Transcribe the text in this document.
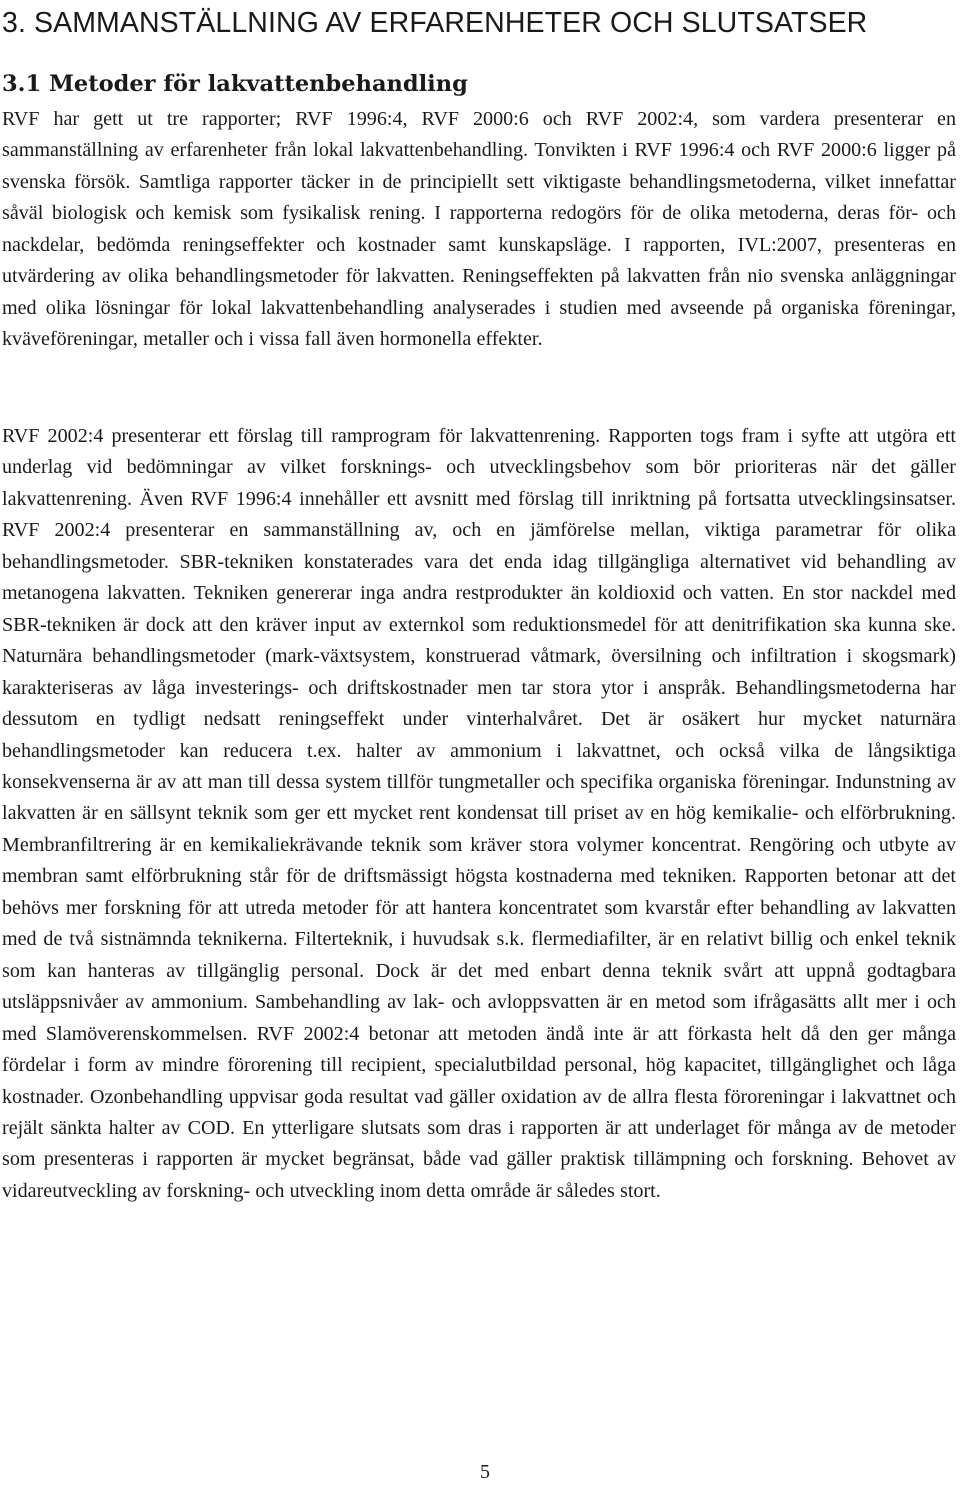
3. SAMMANSTÄLLNING AV ERFARENHETER OCH SLUTSATSER
3.1 Metoder för lakvattenbehandling

RVF har gett ut tre rapporter; RVF 1996:4, RVF 2000:6 och RVF 2002:4, som vardera presenterar en sammanställning av erfarenheter från lokal lakvattenbehandling. Tonvikten i RVF 1996:4 och RVF 2000:6 ligger på svenska försök. Samtliga rapporter täcker in de principiellt sett viktigaste behandlingsmetoderna, vilket innefattar såväl biologisk och kemisk som fysikalisk rening. I rapporterna redogörs för de olika metoderna, deras för- och nackdelar, bedömda reningseffekter och kostnader samt kunskapsläge. I rapporten, IVL:2007, presenteras en utvärdering av olika behandlingsmetoder för lakvatten. Reningseffekten på lakvatten från nio svenska anläggningar med olika lösningar för lokal lakvattenbehandling analyserades i studien med avseende på organiska föreningar, kväveföreningar, metaller och i vissa fall även hormonella effekter.

RVF 2002:4 presenterar ett förslag till ramprogram för lakvattenrening. Rapporten togs fram i syfte att utgöra ett underlag vid bedömningar av vilket forsknings- och utvecklingsbehov som bör prioriteras när det gäller lakvattenrening. Även RVF 1996:4 innehåller ett avsnitt med förslag till inriktning på fortsatta utvecklingsinsatser. RVF 2002:4 presenterar en sammanställning av, och en jämförelse mellan, viktiga parametrar för olika behandlingsmetoder. SBR-tekniken konstaterades vara det enda idag tillgängliga alternativet vid behandling av metanogena lakvatten. Tekniken genererar inga andra restprodukter än koldioxid och vatten. En stor nackdel med SBR-tekniken är dock att den kräver input av externkol som reduktionsmedel för att denitrifikation ska kunna ske. Naturnära behandlingsmetoder (mark-växtsystem, konstruerad våtmark, översilning och infiltration i skogsmark) karakteriseras av låga investerings- och driftskostnader men tar stora ytor i anspråk. Behandlingsmetoderna har dessutom en tydligt nedsatt reningseffekt under vinterhalvåret. Det är osäkert hur mycket naturnära behandlingsmetoder kan reducera t.ex. halter av ammonium i lakvattnet, och också vilka de långsiktiga konsekvenserna är av att man till dessa system tillför tungmetaller och specifika organiska föreningar. Indunstning av lakvatten är en sällsynt teknik som ger ett mycket rent kondensat till priset av en hög kemikalie- och elförbrukning. Membranfiltrering är en kemikaliekrävande teknik som kräver stora volymer koncentrat. Rengöring och utbyte av membran samt elförbrukning står för de driftsmässigt högsta kostnaderna med tekniken. Rapporten betonar att det behövs mer forskning för att utreda metoder för att hantera koncentratet som kvarstår efter behandling av lakvatten med de två sistnämnda teknikerna. Filterteknik, i huvudsak s.k. flermediafilter, är en relativt billig och enkel teknik som kan hanteras av tillgänglig personal. Dock är det med enbart denna teknik svårt att uppnå godtagbara utsläppsnivåer av ammonium. Sambehandling av lak- och avloppsvatten är en metod som ifrågasätts allt mer i och med Slamöverenskommelsen. RVF 2002:4 betonar att metoden ändå inte är att förkasta helt då den ger många fördelar i form av mindre förorening till recipient, specialutbildad personal, hög kapacitet, tillgänglighet och låga kostnader. Ozonbehandling uppvisar goda resultat vad gäller oxidation av de allra flesta föroreningar i lakvattnet och rejält sänkta halter av COD. En ytterligare slutsats som dras i rapporten är att underlaget för många av de metoder som presenteras i rapporten är mycket begränsat, både vad gäller praktisk tillämpning och forskning. Behovet av vidareutveckling av forskning- och utveckling inom detta område är således stort.

5
